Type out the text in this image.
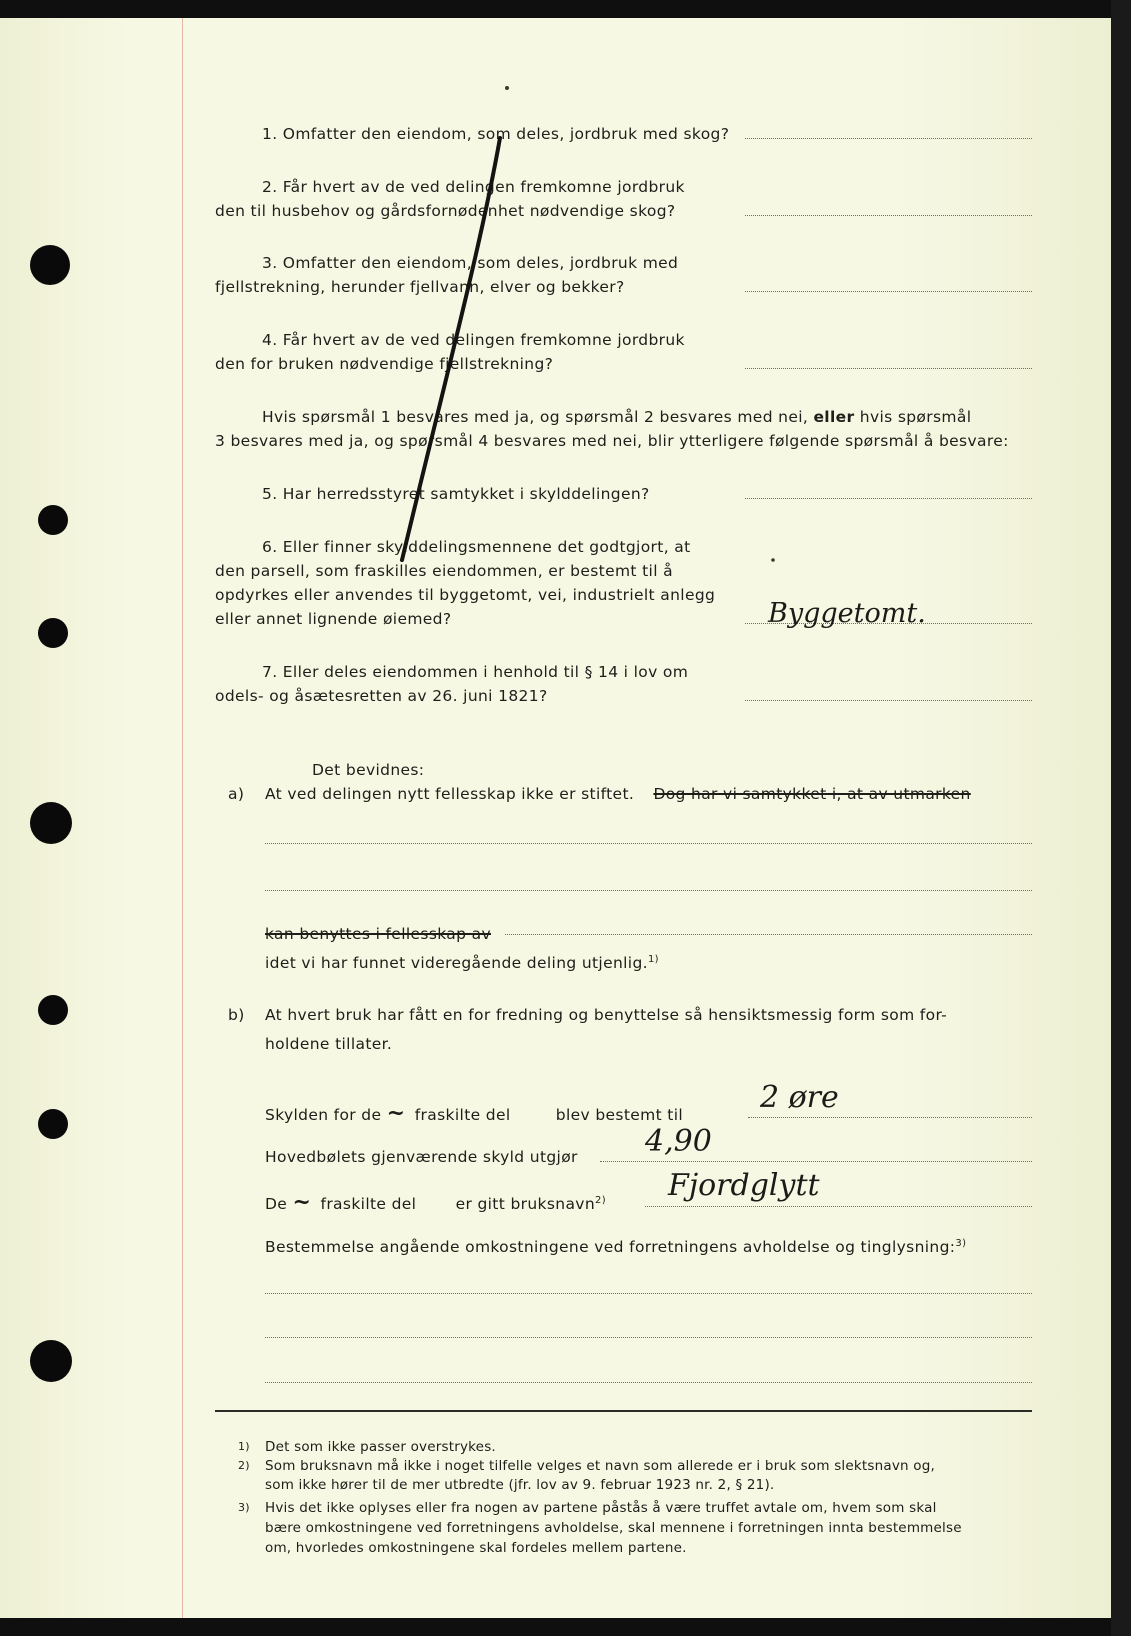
1. Omfatter den eiendom, som deles, jordbruk med skog?
2. Får hvert av de ved delingen fremkomne jordbruk
den til husbehov og gårdsfornødenhet nødvendige skog?
3. Omfatter den eiendom, som deles, jordbruk med
fjellstrekning, herunder fjellvann, elver og bekker?
4. Får hvert av de ved delingen fremkomne jordbruk
den for bruken nødvendige fjellstrekning?
Hvis spørsmål 1 besvares med ja, og spørsmål 2 besvares med nei, eller hvis spørsmål
3 besvares med ja, og spørsmål 4 besvares med nei, blir ytterligere følgende spørsmål å besvare:
5. Har herredsstyret samtykket i skylddelingen?
6. Eller finner skylddelingsmennene det godtgjort, at
den parsell, som fraskilles eiendommen, er bestemt til å
opdyrkes eller anvendes til byggetomt, vei, industrielt anlegg
eller annet lignende øiemed?	Byggetomt.
7. Eller deles eiendommen i henhold til § 14 i lov om
odels- og åsætesretten av 26. juni 1821?
Det bevidnes:
a) At ved delingen nytt fellesskap ikke er stiftet. Dog har vi samtykket i, at av utmarken
kan benyttes i fellesskap av
idet vi har funnet videregående deling utjenlig.$^{1)}$
b) At hvert bruk har fått en for fredning og benyttelse så hensiktsmessig form som for-
holdene tillater.
Skylden for de ~ fraskilte del	blev bestemt til	2 øre
Hovedbølets gjenværende skyld utgjør 4,90
De ~ fraskilte del	er gitt bruksnavn$^{2)}$ Fjordglytt
Bestemmelse angående omkostningene ved forretningens avholdelse og tinglysning:$^{3)}$
1) Det som ikke passer overstrykes.
2) Som bruksnavn må ikke i noget tilfelle velges et navn som allerede er i bruk som slektsnavn og,
som ikke hører til de mer utbredte (jfr. lov av 9. februar 1923 nr. 2, § 21).
3) Hvis det ikke oplyses eller fra nogen av partene påstås å være truffet avtale om, hvem som skal
bære omkostningene ved forretningens avholdelse, skal mennene i forretningen innta bestemmelse
om, hvorledes omkostningene skal fordeles mellem partene.
